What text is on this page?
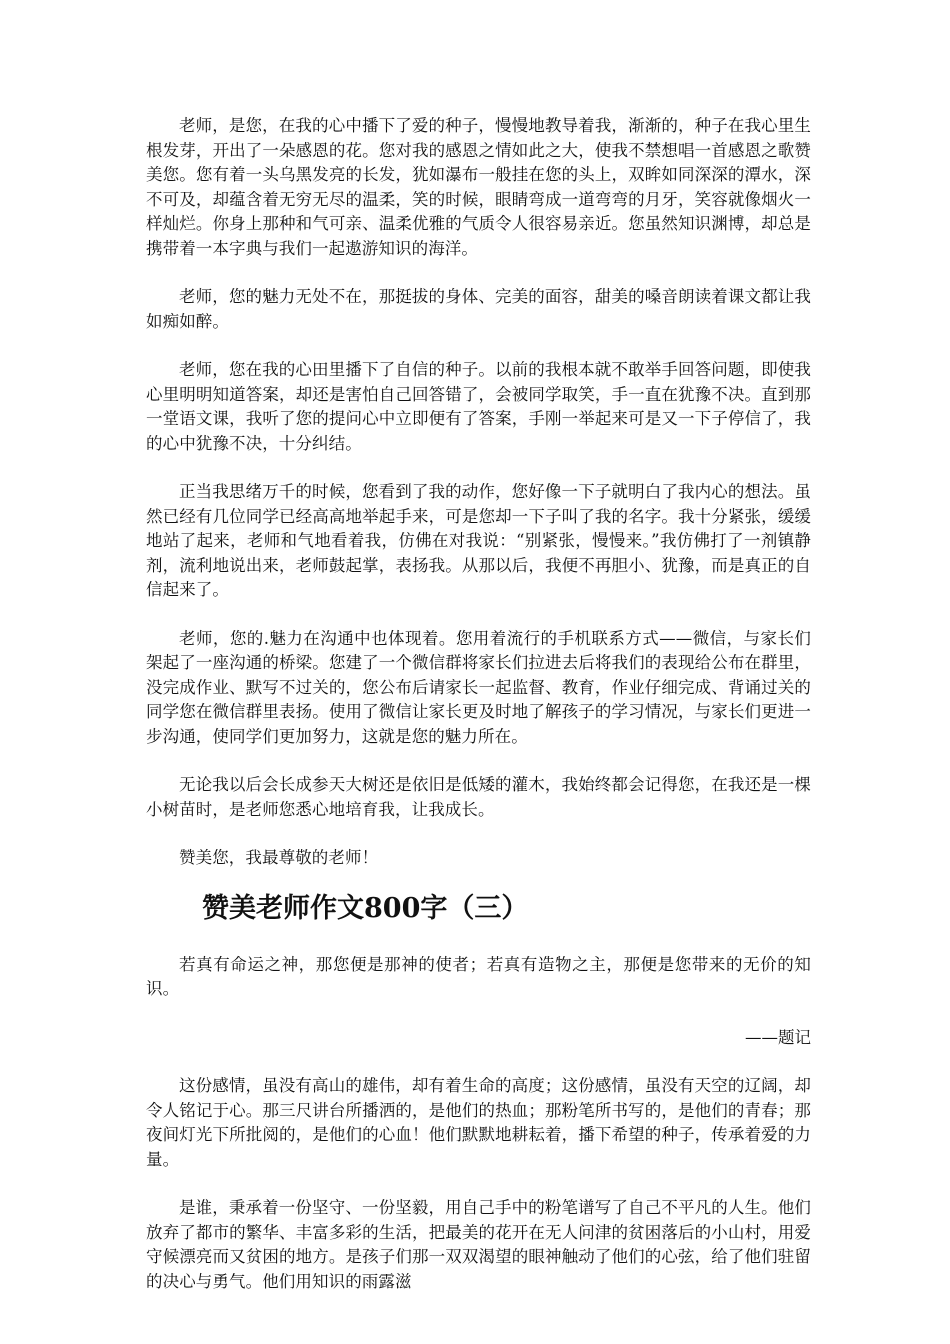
老师，是您，在我的心中播下了爱的种子，慢慢地教导着我，渐渐的，种子在我心里生根发芽，开出了一朵感恩的花。您对我的感恩之情如此之大，使我不禁想唱一首感恩之歌赞美您。您有着一头乌黑发亮的长发，犹如瀑布一般挂在您的头上，双眸如同深深的潭水，深不可及，却蕴含着无穷无尽的温柔，笑的时候，眼睛弯成一道弯弯的月牙，笑容就像烟火一样灿烂。你身上那种和气可亲、温柔优雅的气质令人很容易亲近。您虽然知识渊博，却总是携带着一本字典与我们一起遨游知识的海洋。

老师，您的魅力无处不在，那挺拔的身体、完美的面容，甜美的嗓音朗读着课文都让我如痴如醉。

老师，您在我的心田里播下了自信的种子。以前的我根本就不敢举手回答问题，即使我心里明明知道答案，却还是害怕自己回答错了，会被同学取笑，手一直在犹豫不决。直到那一堂语文课，我听了您的提问心中立即便有了答案，手刚一举起来可是又一下子停信了，我的心中犹豫不决，十分纠结。

正当我思绪万千的时候，您看到了我的动作，您好像一下子就明白了我内心的想法。虽然已经有几位同学已经高高地举起手来，可是您却一下子叫了我的名字。我十分紧张，缓缓地站了起来，老师和气地看着我，仿佛在对我说：“别紧张，慢慢来。”我仿佛打了一剂镇静剂，流利地说出来，老师鼓起掌，表扬我。从那以后，我便不再胆小、犹豫，而是真正的自信起来了。

老师，您的.魅力在沟通中也体现着。您用着流行的手机联系方式——微信，与家长们架起了一座沟通的桥梁。您建了一个微信群将家长们拉进去后将我们的表现给公布在群里，没完成作业、默写不过关的，您公布后请家长一起监督、教育，作业仔细完成、背诵过关的同学您在微信群里表扬。使用了微信让家长更及时地了解孩子的学习情况，与家长们更进一步沟通，使同学们更加努力，这就是您的魅力所在。

无论我以后会长成参天大树还是依旧是低矮的灌木，我始终都会记得您，在我还是一棵小树苗时，是老师您悉心地培育我，让我成长。

赞美您，我最尊敬的老师！

赞美老师作文800字（三）

若真有命运之神，那您便是那神的使者；若真有造物之主，那便是您带来的无价的知识。

——题记

这份感情，虽没有高山的雄伟，却有着生命的高度；这份感情，虽没有天空的辽阔，却令人铭记于心。那三尺讲台所播洒的，是他们的热血；那粉笔所书写的，是他们的青春；那夜间灯光下所批阅的，是他们的心血！他们默默地耕耘着，播下希望的种子，传承着爱的力量。

是谁，秉承着一份坚守、一份坚毅，用自己手中的粉笔谱写了自己不平凡的人生。他们放弃了都市的繁华、丰富多彩的生活，把最美的花开在无人问津的贫困落后的小山村，用爱守候漂亮而又贫困的地方。是孩子们那一双双渴望的眼神触动了他们的心弦，给了他们驻留的决心与勇气。他们用知识的雨露滋
